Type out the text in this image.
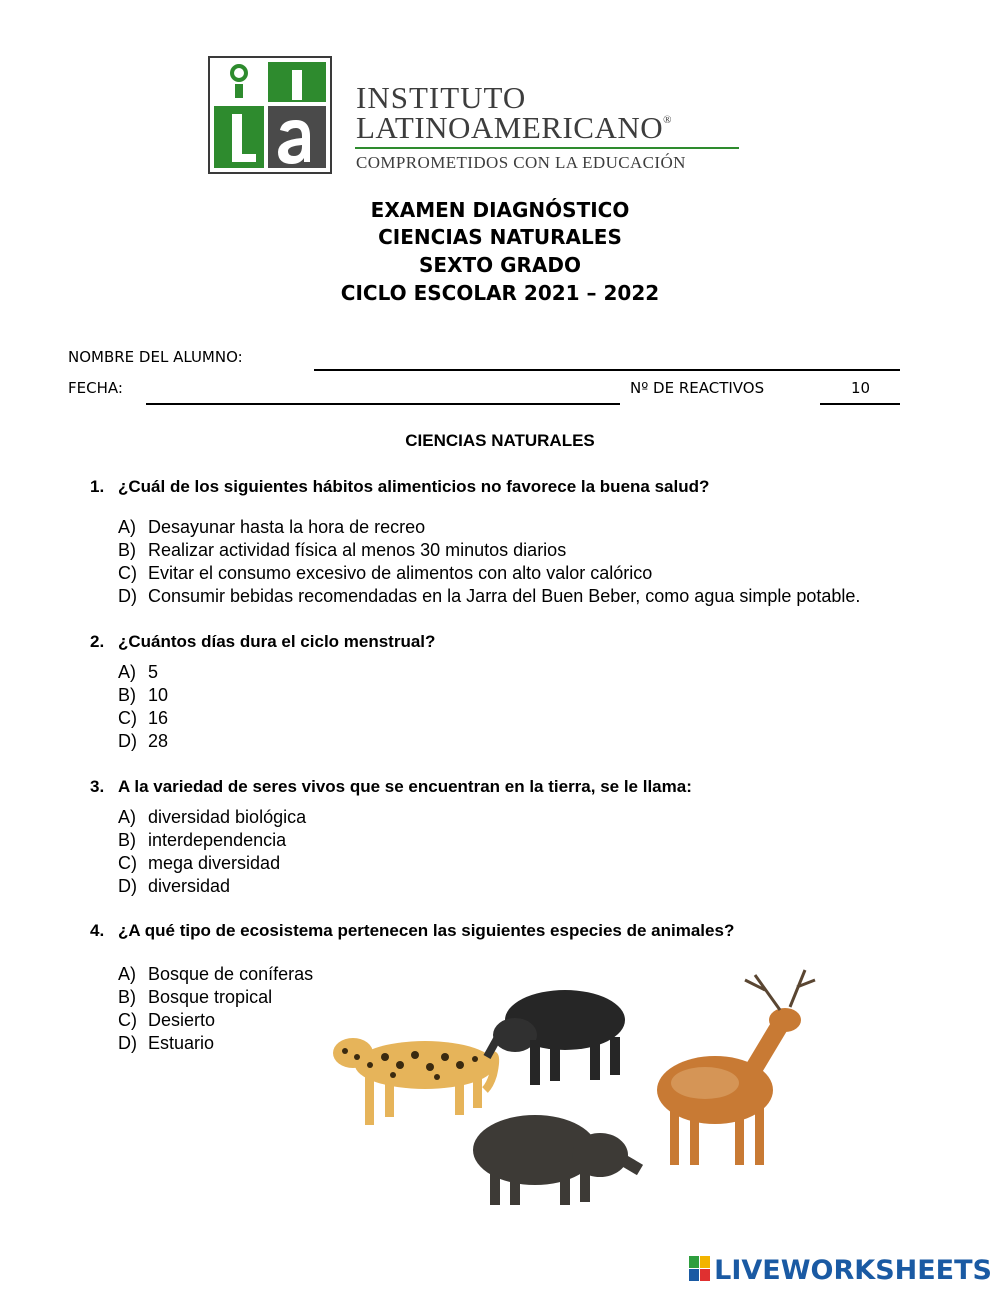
INSTITUTO
LATINOAMERICANO®
COMPROMETIDOS CON LA EDUCACIÓN
EXAMEN DIAGNÓSTICO
CIENCIAS NATURALES
SEXTO GRADO
CICLO ESCOLAR 2021 – 2022
NOMBRE DEL ALUMNO:
FECHA:	Nº DE REACTIVOS	10
CIENCIAS NATURALES
1. ¿Cuál de los siguientes hábitos alimenticios no favorece la buena salud?
A) Desayunar hasta la hora de recreo
B) Realizar actividad física al menos 30 minutos diarios
C) Evitar el consumo excesivo de alimentos con alto valor calórico
D) Consumir bebidas recomendadas en la Jarra del Buen Beber, como agua simple potable.
2. ¿Cuántos días dura el ciclo menstrual?
A) 5
B) 10
C) 16
D) 28
3. A la variedad de seres vivos que se encuentran en la tierra, se le llama:
A) diversidad biológica
B) interdependencia
C) mega diversidad
D) diversidad
4. ¿A qué tipo de ecosistema pertenecen las siguientes especies de animales?
A) Bosque de coníferas
B) Bosque tropical
C) Desierto
D) Estuario
LIVEWORKSHEETS
